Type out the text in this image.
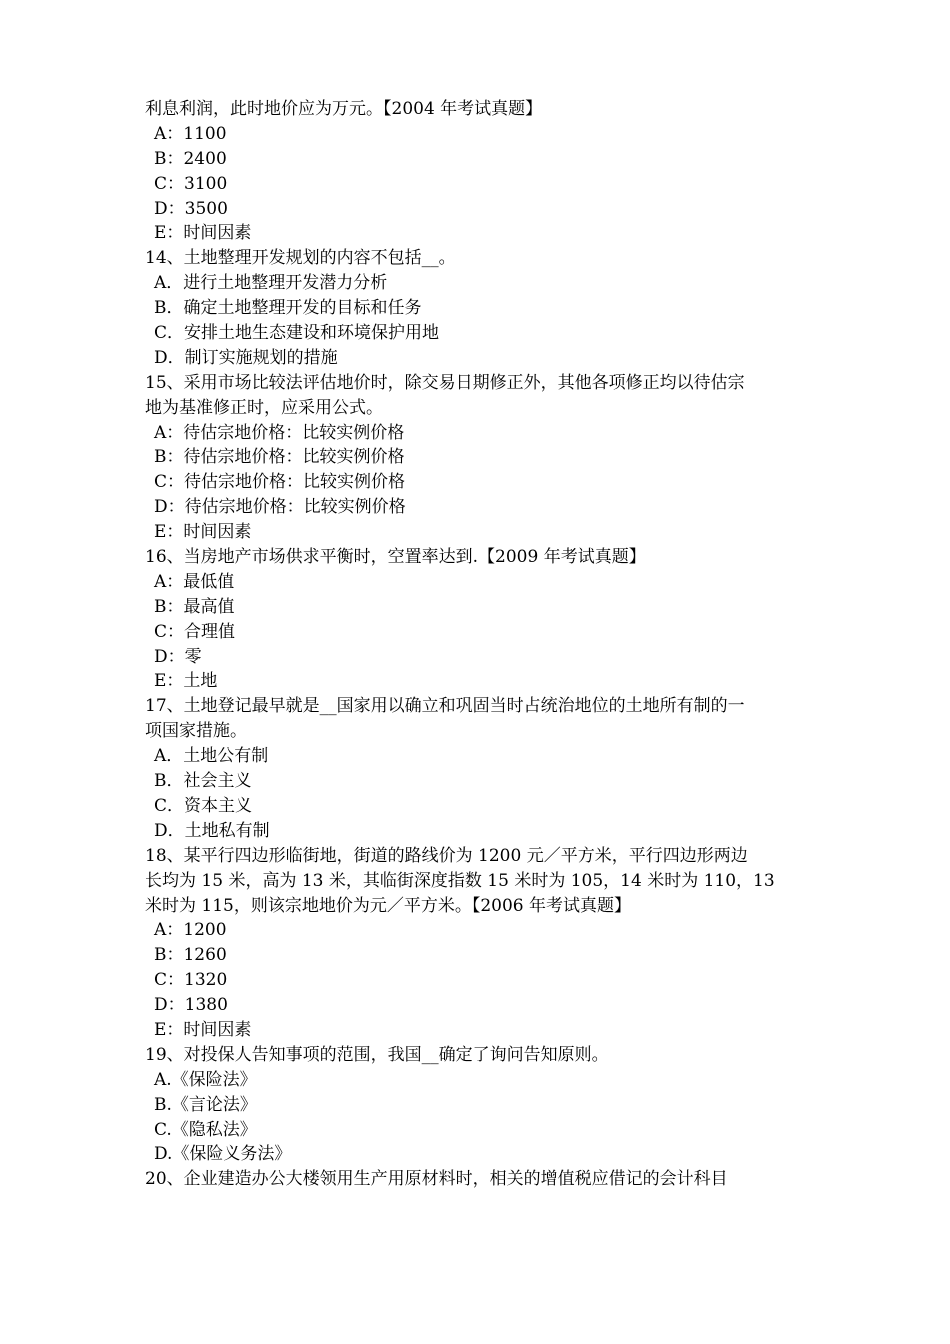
利息利润，此时地价应为万元。【2004 年考试真题】
A：1100
B：2400
C：3100
D：3500
E：时间因素
14、土地整理开发规划的内容不包括__。
A．进行土地整理开发潜力分析
B．确定土地整理开发的目标和任务
C．安排土地生态建设和环境保护用地
D．制订实施规划的措施
15、采用市场比较法评估地价时，除交易日期修正外，其他各项修正均以待估宗
地为基准修正时，应采用公式。
A：待估宗地价格：比较实例价格
B：待估宗地价格：比较实例价格
C：待估宗地价格：比较实例价格
D：待估宗地价格：比较实例价格
E：时间因素
16、当房地产市场供求平衡时，空置率达到.【2009 年考试真题】
A：最低值
B：最高值
C：合理值
D：零
E：土地
17、土地登记最早就是__国家用以确立和巩固当时占统治地位的土地所有制的一
项国家措施。
A．土地公有制
B．社会主义
C．资本主义
D．土地私有制
18、某平行四边形临街地，街道的路线价为 1200 元／平方米，平行四边形两边
长均为 15 米，高为 13 米，其临街深度指数 15 米时为 105，14 米时为 110，13
米时为 115，则该宗地地价为元／平方米。【2006 年考试真题】
A：1200
B：1260
C：1320
D：1380
E：时间因素
19、对投保人告知事项的范围，我国__确定了询问告知原则。
A.《保险法》
B.《言论法》
C.《隐私法》
D.《保险义务法》
20、企业建造办公大楼领用生产用原材料时，相关的增值税应借记的会计科目
